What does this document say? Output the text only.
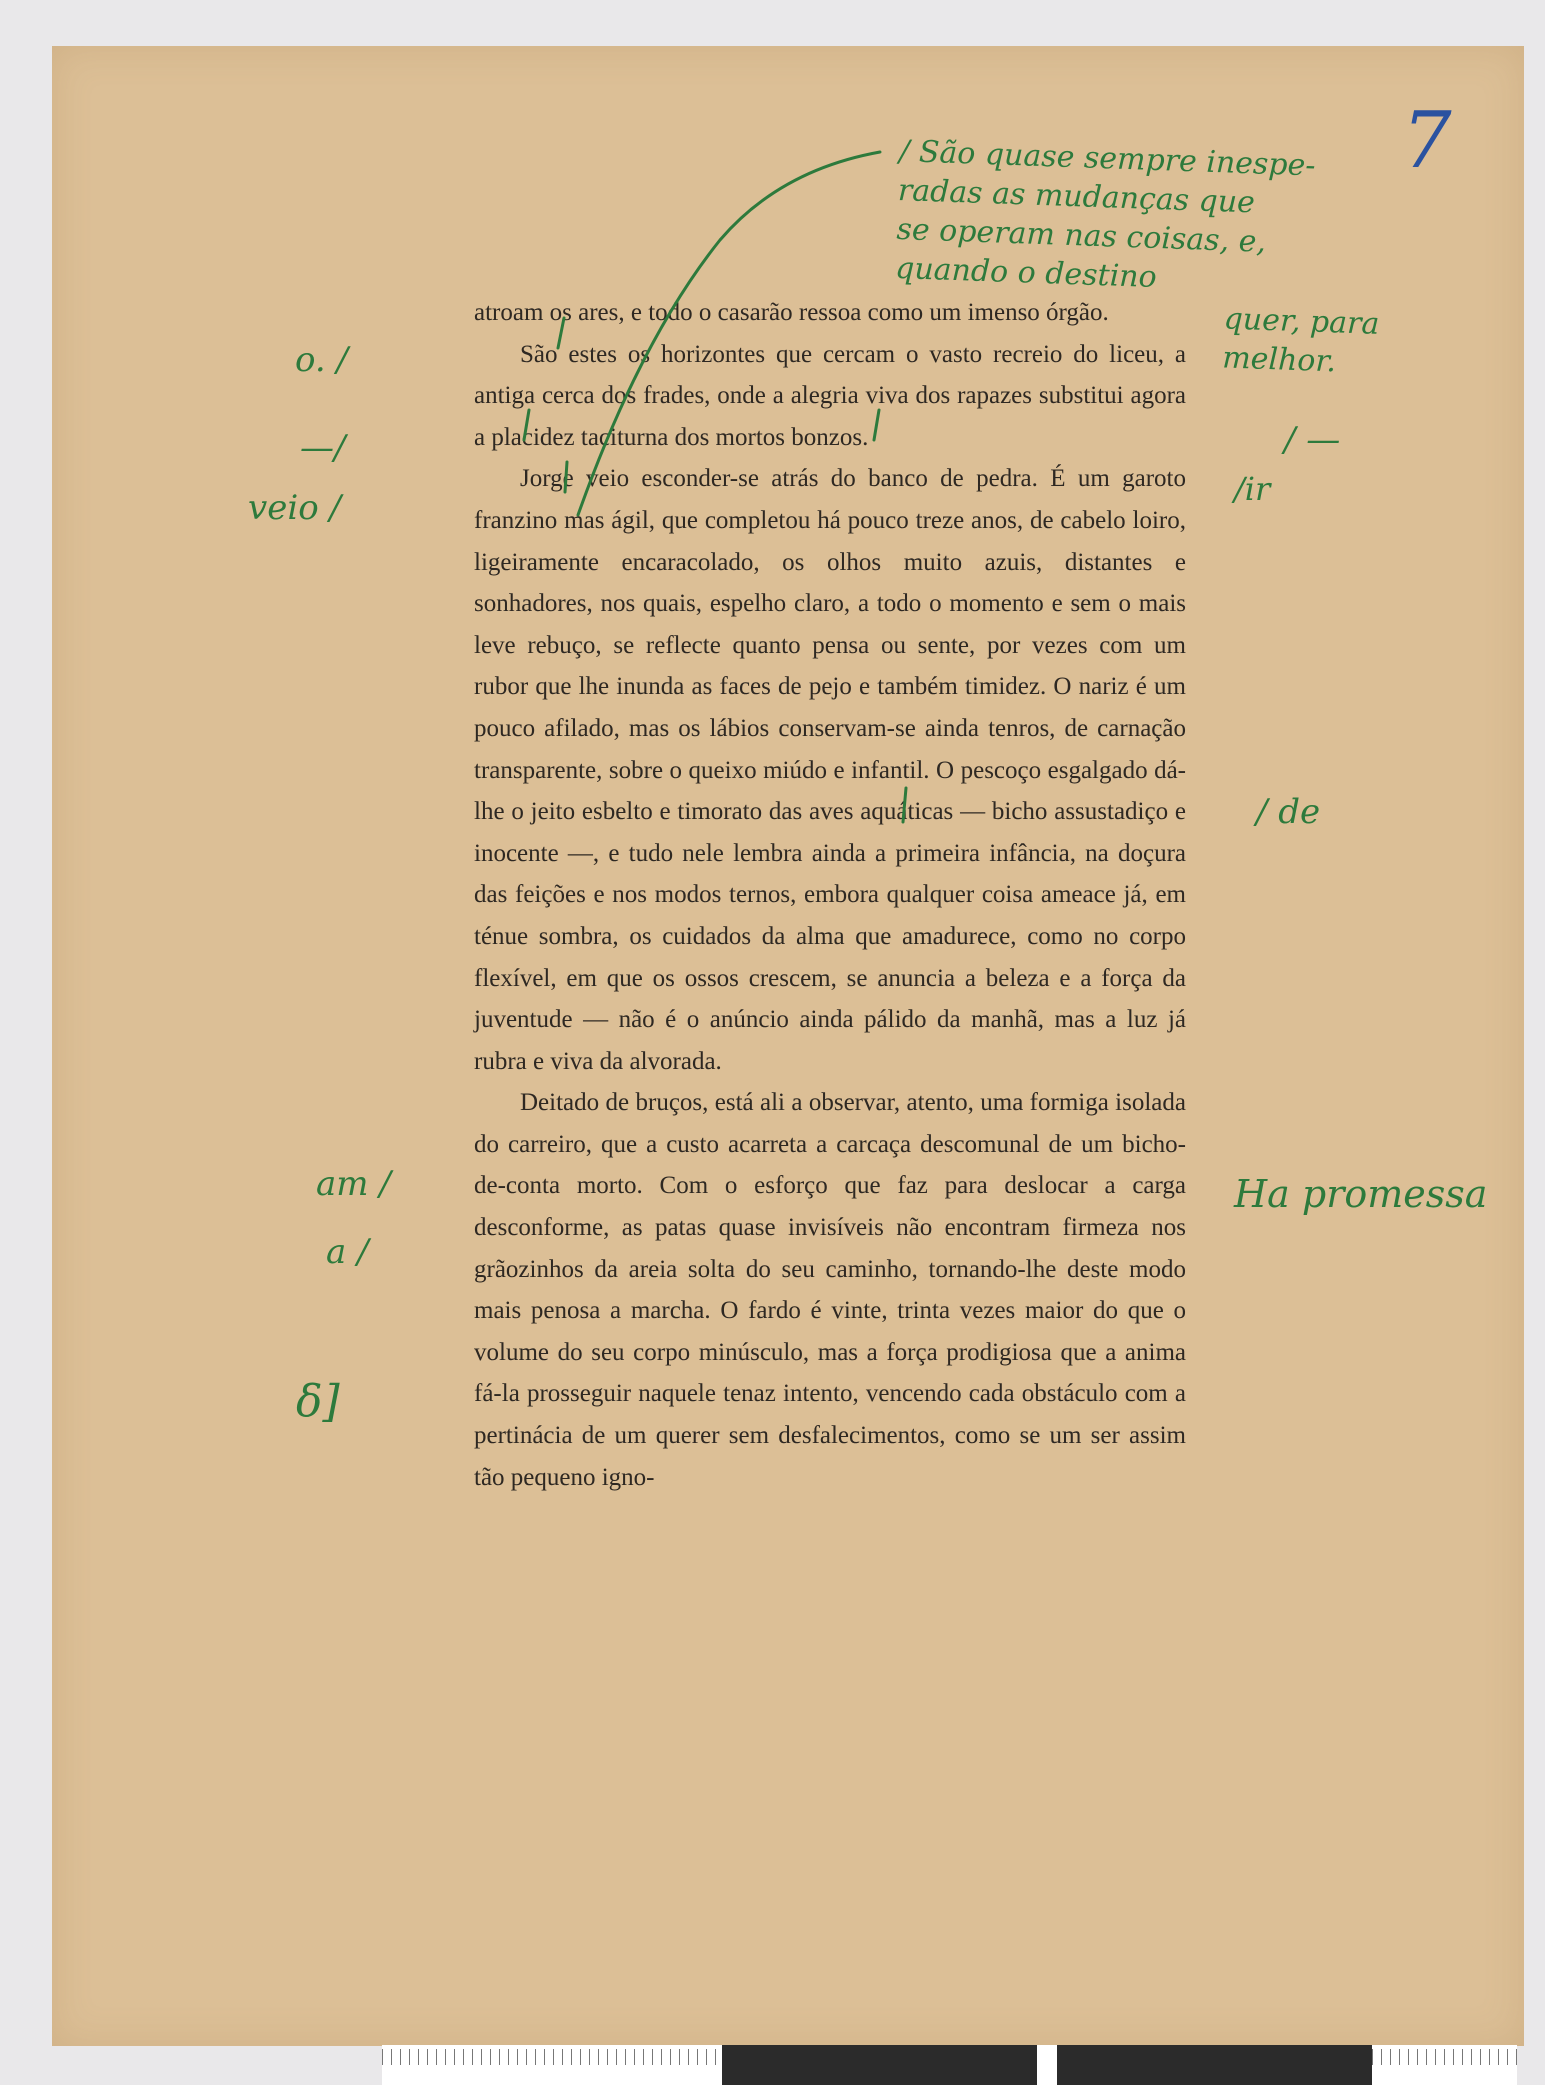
7
/ São quase sempre inespe-
radas as mudanças que
se operam nas coisas, e,
quando o destino
quer, para
melhor.

atroam os ares, e todo o casarão ressoa como um imenso órgão.

São estes os horizontes que cercam o vasto recreio do liceu, a antiga cerca dos frades, onde a alegria viva dos rapazes substitui agora a placidez taciturna dos mortos bonzos.

Jorge veio esconder-se atrás do banco de pedra. É um garoto franzino mas ágil, que completou há pouco treze anos, de cabelo loiro, ligeiramente encaracolado, os olhos muito azuis, distantes e sonhadores, nos quais, espelho claro, a todo o momento e sem o mais leve rebuço, se reflecte quanto pensa ou sente, por vezes com um rubor que lhe inunda as faces de pejo e também timidez. O nariz é um pouco afilado, mas os lábios conservam-se ainda tenros, de carnação transparente, sobre o queixo miúdo e infantil. O pescoço esgalgado dá-lhe o jeito esbelto e timorato das aves aquáticas — bicho assustadiço e inocente —, e tudo nele lembra ainda a primeira infância, na doçura das feições e nos modos ternos, embora qualquer coisa ameace já, em ténue sombra, os cuidados da alma que amadurece, como no corpo flexível, em que os ossos crescem, se anuncia a beleza e a força da juventude — não é o anúncio ainda pálido da manhã, mas a luz já rubra e viva da alvorada.

Deitado de bruços, está ali a observar, atento, uma formiga isolada do carreiro, que a custo acarreta a carcaça descomunal de um bicho-de-conta morto. Com o esforço que faz para deslocar a carga desconforme, as patas quase invisíveis não encontram firmeza nos grãozinhos da areia solta do seu caminho, tornando-lhe deste modo mais penosa a marcha. O fardo é vinte, trinta vezes maior do que o volume do seu corpo minúsculo, mas a força prodigiosa que a anima fá-la prosseguir naquele tenaz intento, vencendo cada obstáculo com a pertinácia de um querer sem desfalecimentos, como se um ser assim tão pequeno igno-

o. /
—/
veio /
am /
a /
δ]
/ —
/ir
/ de
Ha promessa
